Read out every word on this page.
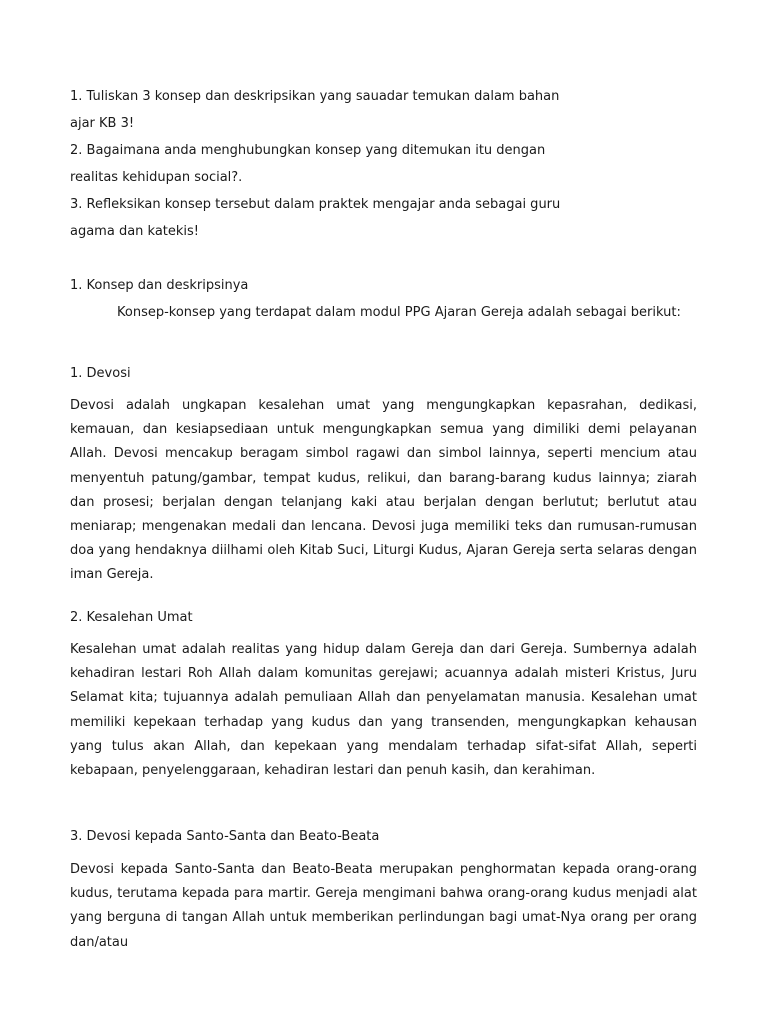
1. Tuliskan 3 konsep dan deskripsikan yang sauadar temukan dalam bahan

ajar KB 3!

2. Bagaimana anda menghubungkan konsep yang ditemukan itu dengan

realitas kehidupan social?.

3. Refleksikan konsep tersebut dalam praktek mengajar anda sebagai guru

agama dan katekis!

1. Konsep dan deskripsinya

Konsep-konsep yang terdapat dalam modul PPG Ajaran Gereja adalah sebagai berikut:

1. Devosi

Devosi adalah ungkapan kesalehan umat yang mengungkapkan kepasrahan, dedikasi, kemauan, dan kesiapsediaan untuk mengungkapkan semua yang dimiliki demi pelayanan Allah. Devosi mencakup beragam simbol ragawi dan simbol lainnya, seperti mencium atau menyentuh patung/gambar, tempat kudus, relikui, dan barang-barang kudus lainnya; ziarah dan prosesi; berjalan dengan telanjang kaki atau berjalan dengan berlutut; berlutut atau meniarap; mengenakan medali dan lencana. Devosi juga memiliki teks dan rumusan-rumusan doa yang hendaknya diilhami oleh Kitab Suci, Liturgi Kudus, Ajaran Gereja serta selaras dengan iman Gereja.

2. Kesalehan Umat

Kesalehan umat adalah realitas yang hidup dalam Gereja dan dari Gereja. Sumbernya adalah kehadiran lestari Roh Allah dalam komunitas gerejawi; acuannya adalah misteri Kristus, Juru Selamat kita; tujuannya adalah pemuliaan Allah dan penyelamatan manusia. Kesalehan umat memiliki kepekaan terhadap yang kudus dan yang transenden, mengungkapkan kehausan yang tulus akan Allah, dan kepekaan yang mendalam terhadap sifat-sifat Allah, seperti kebapaan, penyelenggaraan, kehadiran lestari dan penuh kasih, dan kerahiman.

3. Devosi kepada Santo-Santa dan Beato-Beata

Devosi kepada Santo-Santa dan Beato-Beata merupakan penghormatan kepada orang-orang kudus, terutama kepada para martir. Gereja mengimani bahwa orang-orang kudus menjadi alat yang berguna di tangan Allah untuk memberikan perlindungan bagi umat-Nya orang per orang dan/atau
